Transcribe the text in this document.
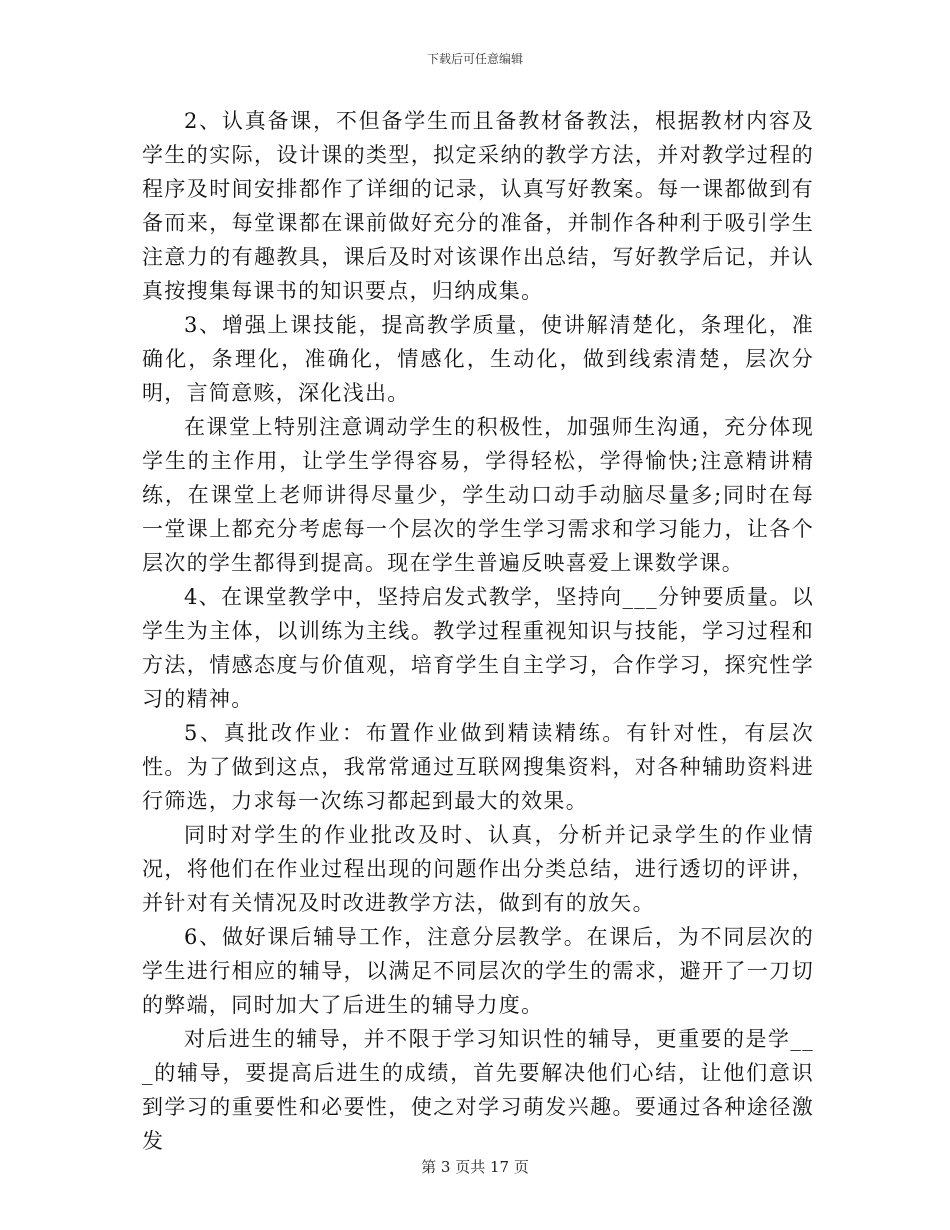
下载后可任意编辑

2、认真备课，不但备学生而且备教材备教法，根据教材内容及学生的实际，设计课的类型，拟定采纳的教学方法，并对教学过程的程序及时间安排都作了详细的记录，认真写好教案。每一课都做到有备而来，每堂课都在课前做好充分的准备，并制作各种利于吸引学生注意力的有趣教具，课后及时对该课作出总结，写好教学后记，并认真按搜集每课书的知识要点，归纳成集。

3、增强上课技能，提高教学质量，使讲解清楚化，条理化，准确化，条理化，准确化，情感化，生动化，做到线索清楚，层次分明，言简意赅，深化浅出。

在课堂上特别注意调动学生的积极性，加强师生沟通，充分体现学生的主作用，让学生学得容易，学得轻松，学得愉快;注意精讲精练，在课堂上老师讲得尽量少，学生动口动手动脑尽量多;同时在每一堂课上都充分考虑每一个层次的学生学习需求和学习能力，让各个层次的学生都得到提高。现在学生普遍反映喜爱上课数学课。

4、在课堂教学中，坚持启发式教学，坚持向___分钟要质量。以学生为主体，以训练为主线。教学过程重视知识与技能，学习过程和方法，情感态度与价值观，培育学生自主学习，合作学习，探究性学习的精神。

5、真批改作业：布置作业做到精读精练。有针对性，有层次性。为了做到这点，我常常通过互联网搜集资料，对各种辅助资料进行筛选，力求每一次练习都起到最大的效果。

同时对学生的作业批改及时、认真，分析并记录学生的作业情况，将他们在作业过程出现的问题作出分类总结，进行透切的评讲，并针对有关情况及时改进教学方法，做到有的放矢。

6、做好课后辅导工作，注意分层教学。在课后，为不同层次的学生进行相应的辅导，以满足不同层次的学生的需求，避开了一刀切的弊端，同时加大了后进生的辅导力度。

对后进生的辅导，并不限于学习知识性的辅导，更重要的是学___的辅导，要提高后进生的成绩，首先要解决他们心结，让他们意识到学习的重要性和必要性，使之对学习萌发兴趣。要通过各种途径激发

第 3 页共 17 页
